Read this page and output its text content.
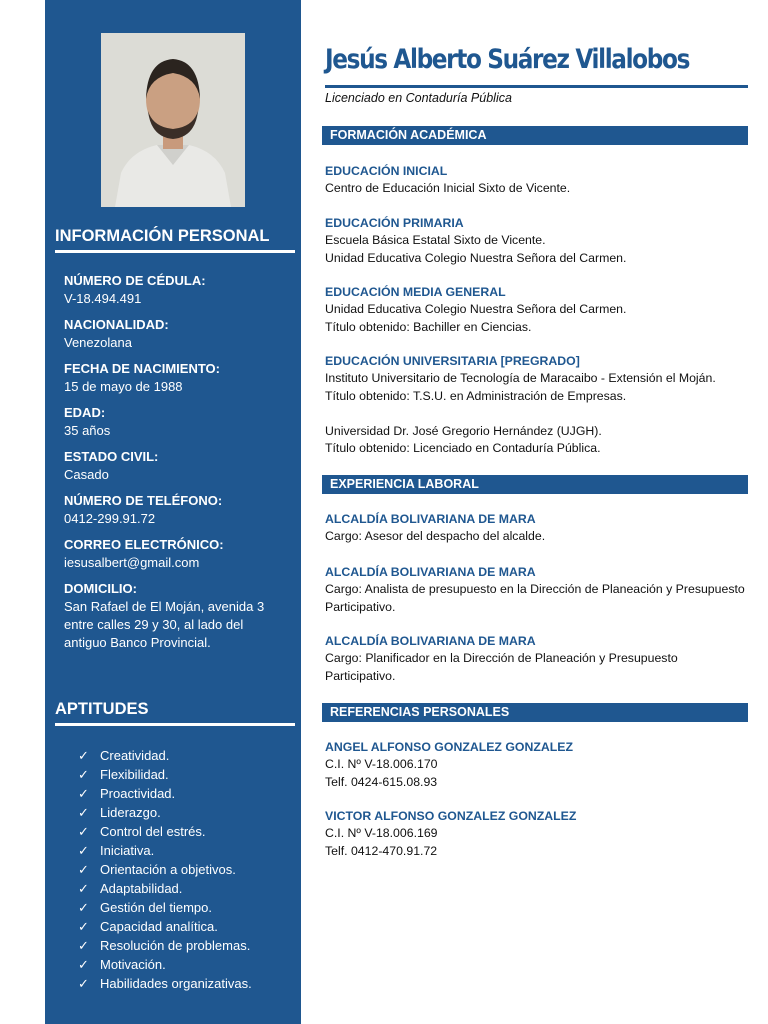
INFORMACIÓN PERSONAL
NÚMERO DE CÉDULA:
V-18.494.491
NACIONALIDAD:
Venezolana
FECHA DE NACIMIENTO:
15 de mayo de 1988
EDAD:
35 años
ESTADO CIVIL:
Casado
NÚMERO DE TELÉFONO:
0412-299.91.72
CORREO ELECTRÓNICO:
iesusalbert@gmail.com
DOMICILIO:
San Rafael de El Moján, avenida 3 entre calles 29 y 30, al lado del antiguo Banco Provincial.
APTITUDES
✓ Creatividad.
✓ Flexibilidad.
✓ Proactividad.
✓ Liderazgo.
✓ Control del estrés.
✓ Iniciativa.
✓ Orientación a objetivos.
✓ Adaptabilidad.
✓ Gestión del tiempo.
✓ Capacidad analítica.
✓ Resolución de problemas.
✓ Motivación.
✓ Habilidades organizativas.
Jesús Alberto Suárez Villalobos
Licenciado en Contaduría Pública
FORMACIÓN ACADÉMICA
EDUCACIÓN INICIAL
Centro de Educación Inicial Sixto de Vicente.
EDUCACIÓN PRIMARIA
Escuela Básica Estatal Sixto de Vicente.
Unidad Educativa Colegio Nuestra Señora del Carmen.
EDUCACIÓN MEDIA GENERAL
Unidad Educativa Colegio Nuestra Señora del Carmen.
Título obtenido: Bachiller en Ciencias.
EDUCACIÓN UNIVERSITARIA [PREGRADO]
Instituto Universitario de Tecnología de Maracaibo - Extensión el Moján.
Título obtenido: T.S.U. en Administración de Empresas.
Universidad Dr. José Gregorio Hernández (UJGH).
Título obtenido: Licenciado en Contaduría Pública.
EXPERIENCIA LABORAL
ALCALDÍA BOLIVARIANA DE MARA
Cargo: Asesor del despacho del alcalde.
ALCALDÍA BOLIVARIANA DE MARA
Cargo: Analista de presupuesto en la Dirección de Planeación y Presupuesto Participativo.
ALCALDÍA BOLIVARIANA DE MARA
Cargo: Planificador en la Dirección de Planeación y Presupuesto Participativo.
REFERENCIAS PERSONALES
ANGEL ALFONSO GONZALEZ GONZALEZ
C.I. Nº V-18.006.170
Telf. 0424-615.08.93
VICTOR ALFONSO GONZALEZ GONZALEZ
C.I. Nº V-18.006.169
Telf. 0412-470.91.72
